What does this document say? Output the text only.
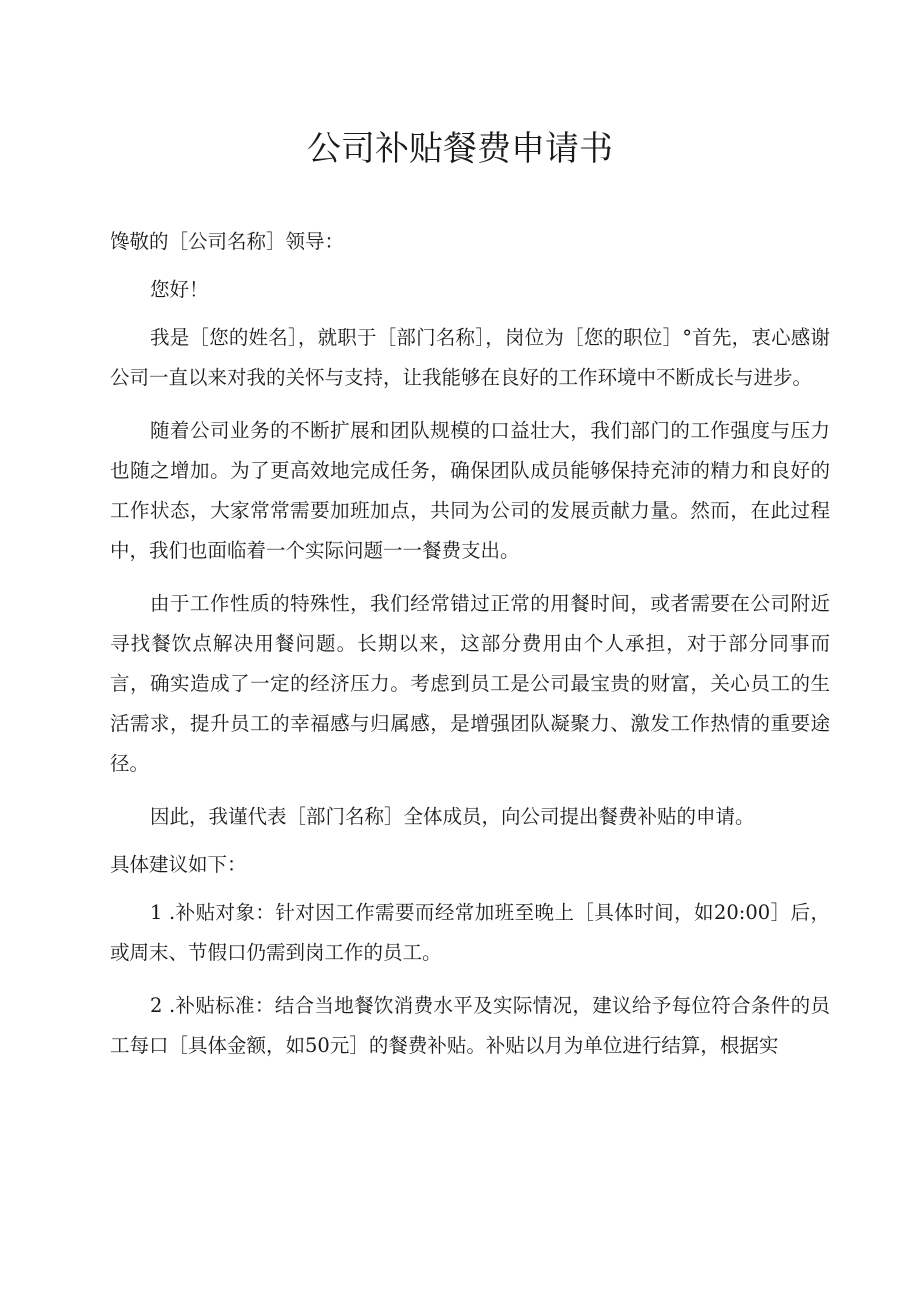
公司补贴餐费申请书

馋敬的［公司名称］领导：

您好！

我是［您的姓名］，就职于［部门名称］，岗位为［您的职位］°首先，衷心感谢公司一直以来对我的关怀与支持，让我能够在良好的工作环境中不断成长与进步。

随着公司业务的不断扩展和团队规模的口益壮大，我们部门的工作强度与压力也随之增加。为了更高效地完成任务，确保团队成员能够保持充沛的精力和良好的工作状态，大家常常需要加班加点，共同为公司的发展贡献力量。然而，在此过程中，我们也面临着一个实际问题一一餐费支出。

由于工作性质的特殊性，我们经常错过正常的用餐时间，或者需要在公司附近寻找餐饮点解决用餐问题。长期以来，这部分费用由个人承担，对于部分同事而言，确实造成了一定的经济压力。考虑到员工是公司最宝贵的财富，关心员工的生活需求，提升员工的幸福感与归属感，是增强团队凝聚力、激发工作热情的重要途径。

因此，我谨代表［部门名称］全体成员，向公司提出餐费补贴的申请。

具体建议如下：

1 .补贴对象：针对因工作需要而经常加班至晚上［具体时间，如20:00］后，或周末、节假口仍需到岗工作的员工。

2 .补贴标准：结合当地餐饮消费水平及实际情况，建议给予每位符合条件的员工每口［具体金额，如50元］的餐费补贴。补贴以月为单位进行结算，根据实
